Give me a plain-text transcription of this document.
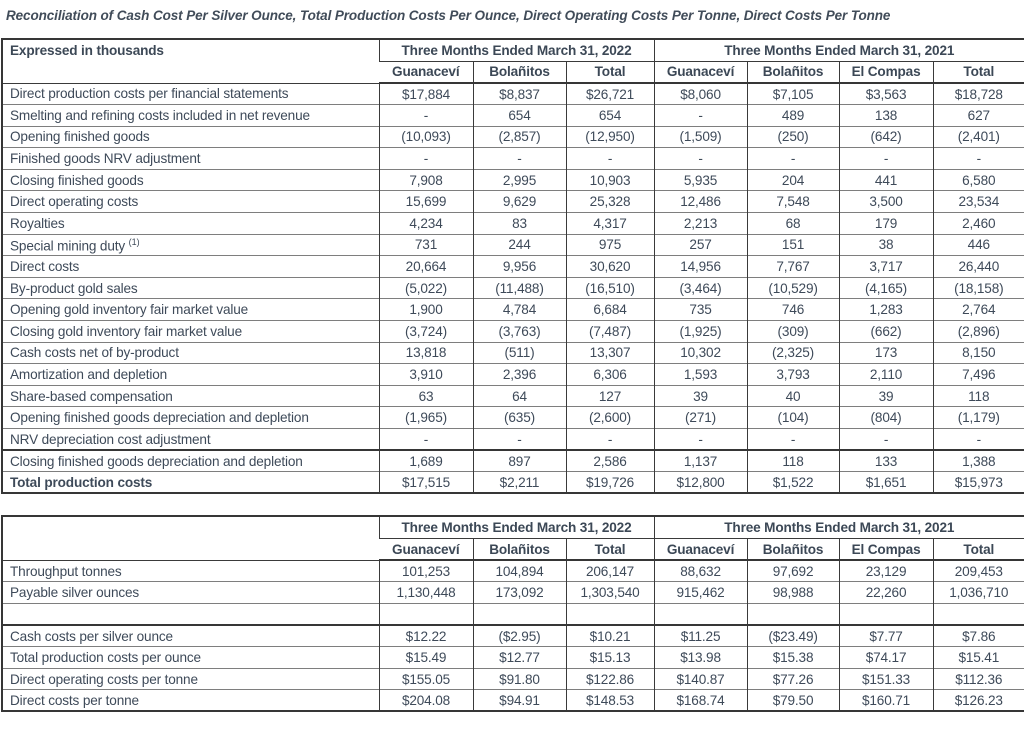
Reconciliation of Cash Cost Per Silver Ounce, Total Production Costs Per Ounce, Direct Operating Costs Per Tonne, Direct Costs Per Tonne
Expressed in thousands	Three Months Ended March 31, 2022			Three Months Ended March 31, 2021			
	Guanaceví	Bolañitos	Total	Guanaceví	Bolañitos	El Compas	Total
Direct production costs per financial statements	$17,884	$8,837	$26,721	$8,060	$7,105	$3,563	$18,728
Smelting and refining costs included in net revenue	-	654	654	-	489	138	627
Opening finished goods	(10,093)	(2,857)	(12,950)	(1,509)	(250)	(642)	(2,401)
Finished goods NRV adjustment	-	-	-	-	-	-	-
Closing finished goods	7,908	2,995	10,903	5,935	204	441	6,580
Direct operating costs	15,699	9,629	25,328	12,486	7,548	3,500	23,534
Royalties	4,234	83	4,317	2,213	68	179	2,460
Special mining duty $^{(1)}$	731	244	975	257	151	38	446
Direct costs	20,664	9,956	30,620	14,956	7,767	3,717	26,440
By-product gold sales	(5,022)	(11,488)	(16,510)	(3,464)	(10,529)	(4,165)	(18,158)
Opening gold inventory fair market value	1,900	4,784	6,684	735	746	1,283	2,764
Closing gold inventory fair market value	(3,724)	(3,763)	(7,487)	(1,925)	(309)	(662)	(2,896)
Cash costs net of by-product	13,818	(511)	13,307	10,302	(2,325)	173	8,150
Amortization and depletion	3,910	2,396	6,306	1,593	3,793	2,110	7,496
Share-based compensation	63	64	127	39	40	39	118
Opening finished goods depreciation and depletion	(1,965)	(635)	(2,600)	(271)	(104)	(804)	(1,179)
NRV depreciation cost adjustment	-	-	-	-	-	-	-
Closing finished goods depreciation and depletion	1,689	897	2,586	1,137	118	133	1,388
Total production costs	$17,515	$2,211	$19,726	$12,800	$1,522	$1,651	$15,973
	Three Months Ended March 31, 2022			Three Months Ended March 31, 2021			
	Guanaceví	Bolañitos	Total	Guanaceví	Bolañitos	El Compas	Total
Throughput tonnes	101,253	104,894	206,147	88,632	97,692	23,129	209,453
Payable silver ounces	1,130,448	173,092	1,303,540	915,462	98,988	22,260	1,036,710

Cash costs per silver ounce	$12.22	($2.95)	$10.21	$11.25	($23.49)	$7.77	$7.86
Total production costs per ounce	$15.49	$12.77	$15.13	$13.98	$15.38	$74.17	$15.41
Direct operating costs per tonne	$155.05	$91.80	$122.86	$140.87	$77.26	$151.33	$112.36
Direct costs per tonne	$204.08	$94.91	$148.53	$168.74	$79.50	$160.71	$126.23
